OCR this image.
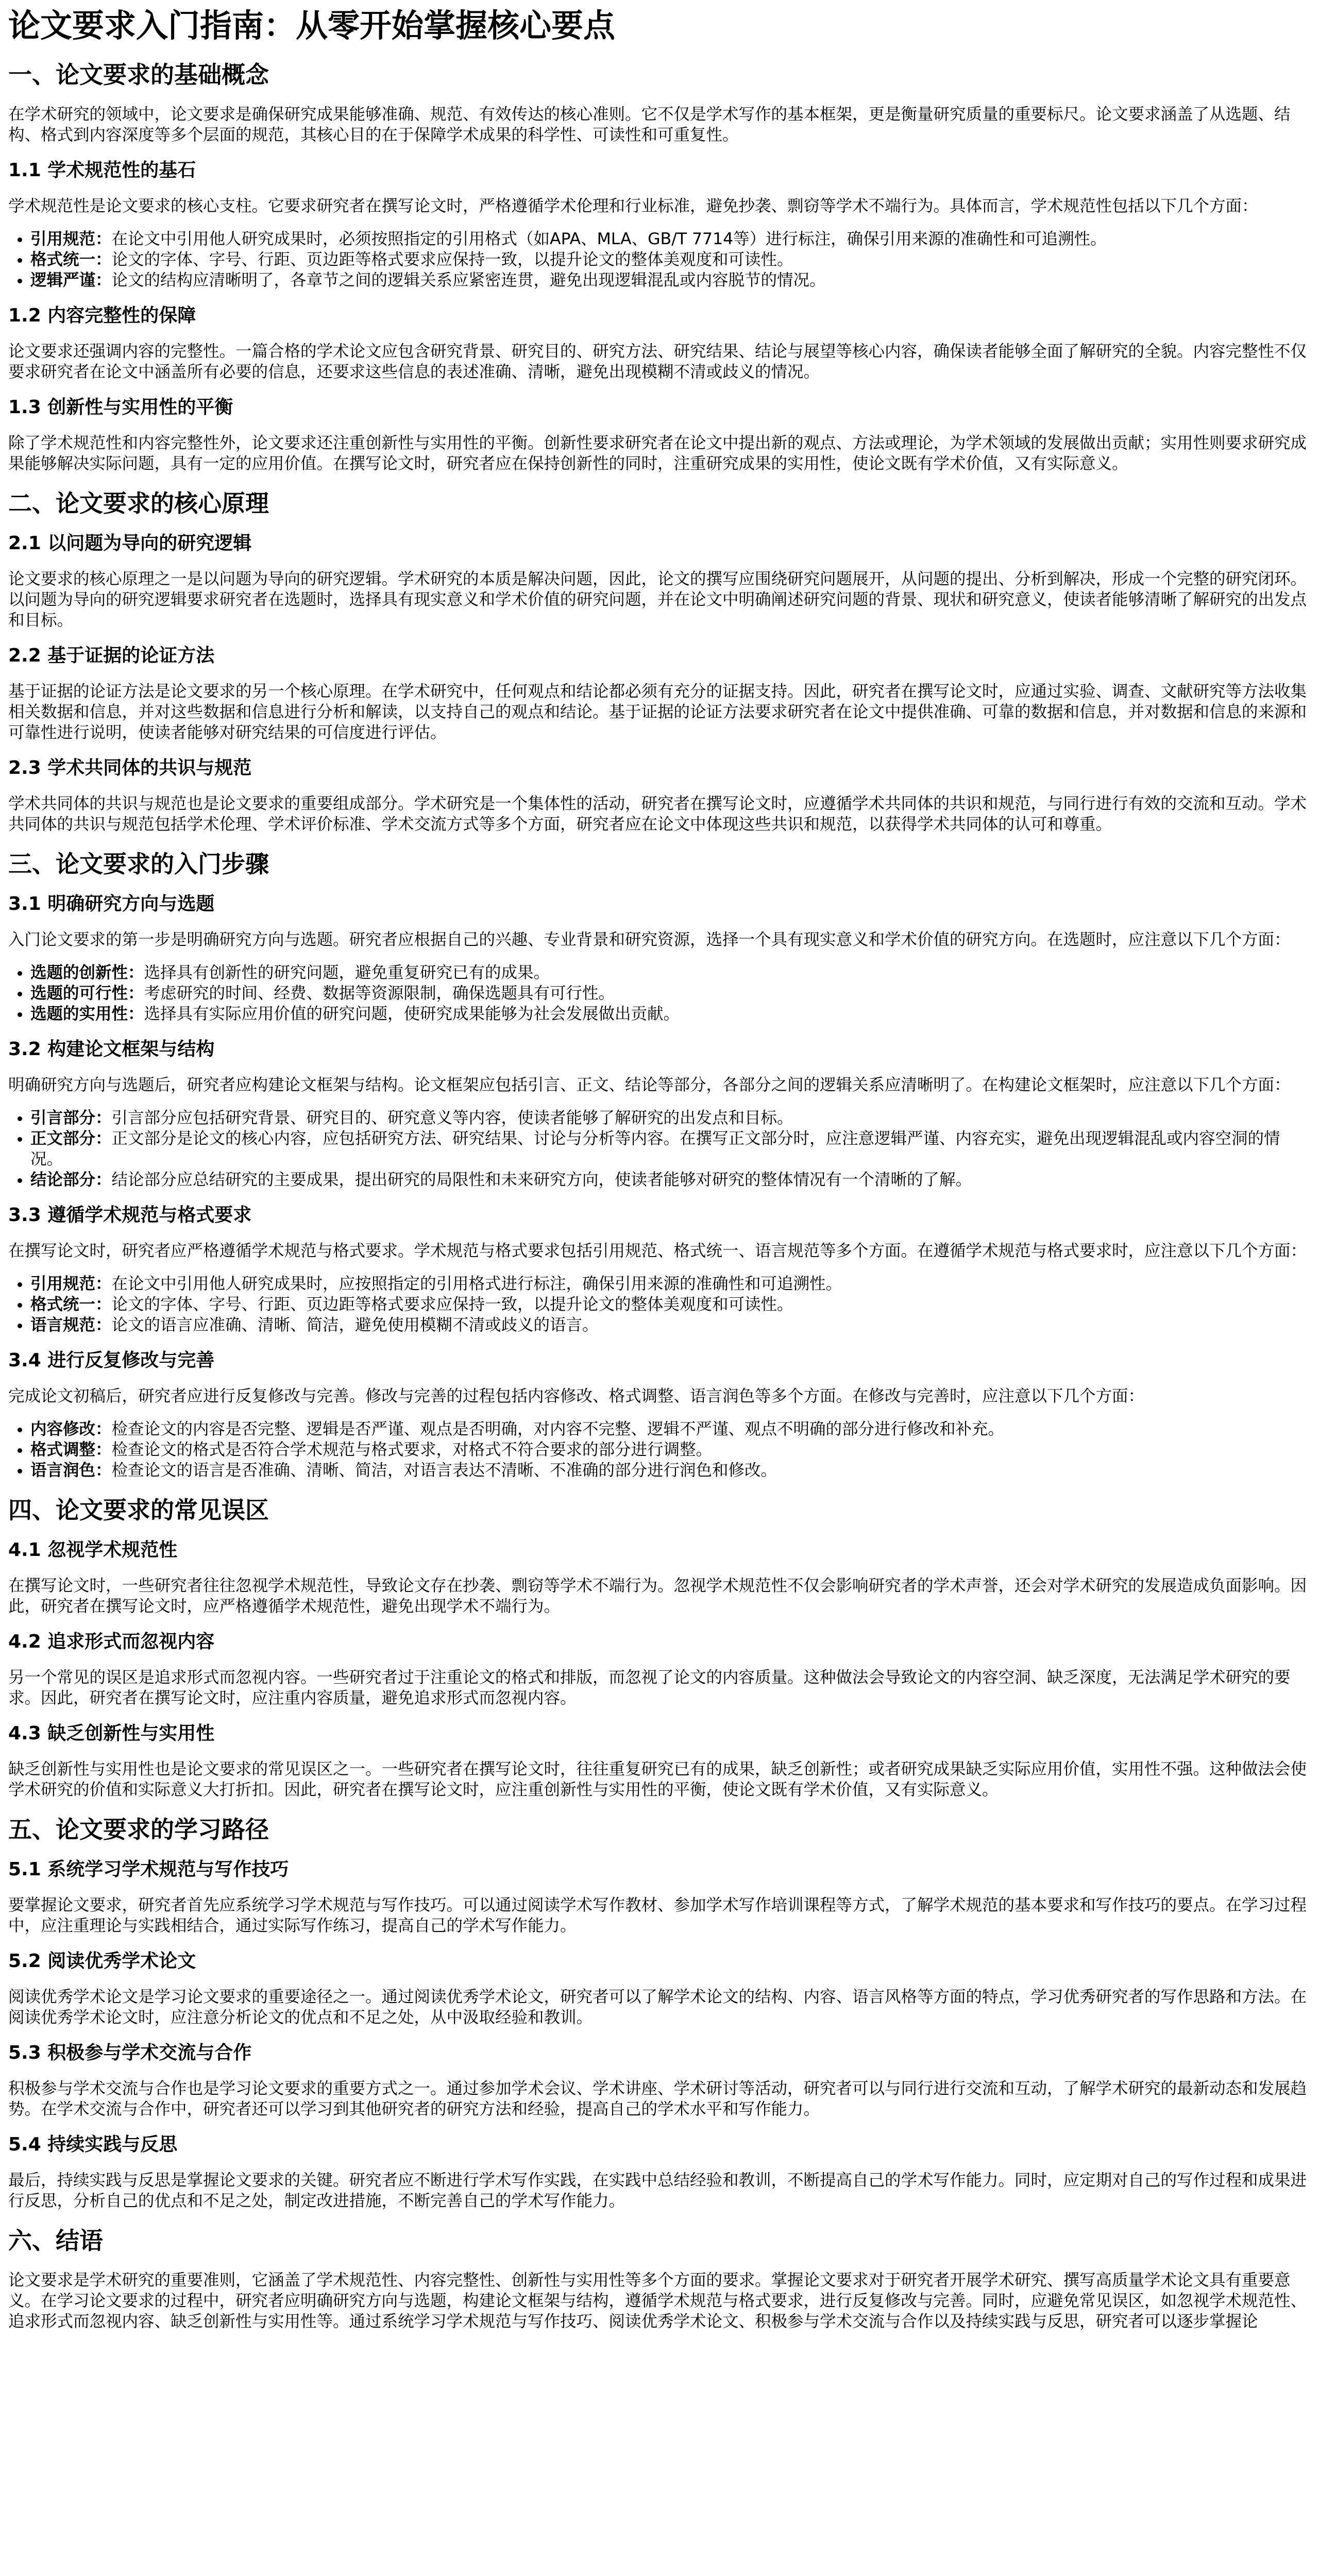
论文要求入门指南：从零开始掌握核心要点
一、论文要求的基础概念

在学术研究的领域中，论文要求是确保研究成果能够准确、规范、有效传达的核心准则。它不仅是学术写作的基本框架，更是衡量研究质量的重要标尺。论文要求涵盖了从选题、结构、格式到内容深度等多个层面的规范，其核心目的在于保障学术成果的科学性、可读性和可重复性。

1.1 学术规范性的基石

学术规范性是论文要求的核心支柱。它要求研究者在撰写论文时，严格遵循学术伦理和行业标准，避免抄袭、剽窃等学术不端行为。具体而言，学术规范性包括以下几个方面：

• 引用规范：在论文中引用他人研究成果时，必须按照指定的引用格式（如APA、MLA、GB/T 7714等）进行标注，确保引用来源的准确性和可追溯性。
• 格式统一：论文的字体、字号、行距、页边距等格式要求应保持一致，以提升论文的整体美观度和可读性。
• 逻辑严谨：论文的结构应清晰明了，各章节之间的逻辑关系应紧密连贯，避免出现逻辑混乱或内容脱节的情况。
1.2 内容完整性的保障

论文要求还强调内容的完整性。一篇合格的学术论文应包含研究背景、研究目的、研究方法、研究结果、结论与展望等核心内容，确保读者能够全面了解研究的全貌。内容完整性不仅要求研究者在论文中涵盖所有必要的信息，还要求这些信息的表述准确、清晰，避免出现模糊不清或歧义的情况。

1.3 创新性与实用性的平衡

除了学术规范性和内容完整性外，论文要求还注重创新性与实用性的平衡。创新性要求研究者在论文中提出新的观点、方法或理论，为学术领域的发展做出贡献；实用性则要求研究成果能够解决实际问题，具有一定的应用价值。在撰写论文时，研究者应在保持创新性的同时，注重研究成果的实用性，使论文既有学术价值，又有实际意义。

二、论文要求的核心原理
2.1 以问题为导向的研究逻辑

论文要求的核心原理之一是以问题为导向的研究逻辑。学术研究的本质是解决问题，因此，论文的撰写应围绕研究问题展开，从问题的提出、分析到解决，形成一个完整的研究闭环。以问题为导向的研究逻辑要求研究者在选题时，选择具有现实意义和学术价值的研究问题，并在论文中明确阐述研究问题的背景、现状和研究意义，使读者能够清晰了解研究的出发点和目标。

2.2 基于证据的论证方法

基于证据的论证方法是论文要求的另一个核心原理。在学术研究中，任何观点和结论都必须有充分的证据支持。因此，研究者在撰写论文时，应通过实验、调查、文献研究等方法收集相关数据和信息，并对这些数据和信息进行分析和解读，以支持自己的观点和结论。基于证据的论证方法要求研究者在论文中提供准确、可靠的数据和信息，并对数据和信息的来源和可靠性进行说明，使读者能够对研究结果的可信度进行评估。

2.3 学术共同体的共识与规范

学术共同体的共识与规范也是论文要求的重要组成部分。学术研究是一个集体性的活动，研究者在撰写论文时，应遵循学术共同体的共识和规范，与同行进行有效的交流和互动。学术共同体的共识与规范包括学术伦理、学术评价标准、学术交流方式等多个方面，研究者应在论文中体现这些共识和规范，以获得学术共同体的认可和尊重。

三、论文要求的入门步骤
3.1 明确研究方向与选题

入门论文要求的第一步是明确研究方向与选题。研究者应根据自己的兴趣、专业背景和研究资源，选择一个具有现实意义和学术价值的研究方向。在选题时，应注意以下几个方面：

• 选题的创新性：选择具有创新性的研究问题，避免重复研究已有的成果。
• 选题的可行性：考虑研究的时间、经费、数据等资源限制，确保选题具有可行性。
• 选题的实用性：选择具有实际应用价值的研究问题，使研究成果能够为社会发展做出贡献。
3.2 构建论文框架与结构

明确研究方向与选题后，研究者应构建论文框架与结构。论文框架应包括引言、正文、结论等部分，各部分之间的逻辑关系应清晰明了。在构建论文框架时，应注意以下几个方面：

• 引言部分：引言部分应包括研究背景、研究目的、研究意义等内容，使读者能够了解研究的出发点和目标。
• 正文部分：正文部分是论文的核心内容，应包括研究方法、研究结果、讨论与分析等内容。在撰写正文部分时，应注意逻辑严谨、内容充实，避免出现逻辑混乱或内容空洞的情况。
• 结论部分：结论部分应总结研究的主要成果，提出研究的局限性和未来研究方向，使读者能够对研究的整体情况有一个清晰的了解。
3.3 遵循学术规范与格式要求

在撰写论文时，研究者应严格遵循学术规范与格式要求。学术规范与格式要求包括引用规范、格式统一、语言规范等多个方面。在遵循学术规范与格式要求时，应注意以下几个方面：

• 引用规范：在论文中引用他人研究成果时，应按照指定的引用格式进行标注，确保引用来源的准确性和可追溯性。
• 格式统一：论文的字体、字号、行距、页边距等格式要求应保持一致，以提升论文的整体美观度和可读性。
• 语言规范：论文的语言应准确、清晰、简洁，避免使用模糊不清或歧义的语言。
3.4 进行反复修改与完善

完成论文初稿后，研究者应进行反复修改与完善。修改与完善的过程包括内容修改、格式调整、语言润色等多个方面。在修改与完善时，应注意以下几个方面：

• 内容修改：检查论文的内容是否完整、逻辑是否严谨、观点是否明确，对内容不完整、逻辑不严谨、观点不明确的部分进行修改和补充。
• 格式调整：检查论文的格式是否符合学术规范与格式要求，对格式不符合要求的部分进行调整。
• 语言润色：检查论文的语言是否准确、清晰、简洁，对语言表达不清晰、不准确的部分进行润色和修改。
四、论文要求的常见误区
4.1 忽视学术规范性

在撰写论文时，一些研究者往往忽视学术规范性，导致论文存在抄袭、剽窃等学术不端行为。忽视学术规范性不仅会影响研究者的学术声誉，还会对学术研究的发展造成负面影响。因此，研究者在撰写论文时，应严格遵循学术规范性，避免出现学术不端行为。

4.2 追求形式而忽视内容

另一个常见的误区是追求形式而忽视内容。一些研究者过于注重论文的格式和排版，而忽视了论文的内容质量。这种做法会导致论文的内容空洞、缺乏深度，无法满足学术研究的要求。因此，研究者在撰写论文时，应注重内容质量，避免追求形式而忽视内容。

4.3 缺乏创新性与实用性

缺乏创新性与实用性也是论文要求的常见误区之一。一些研究者在撰写论文时，往往重复研究已有的成果，缺乏创新性；或者研究成果缺乏实际应用价值，实用性不强。这种做法会使学术研究的价值和实际意义大打折扣。因此，研究者在撰写论文时，应注重创新性与实用性的平衡，使论文既有学术价值，又有实际意义。

五、论文要求的学习路径
5.1 系统学习学术规范与写作技巧

要掌握论文要求，研究者首先应系统学习学术规范与写作技巧。可以通过阅读学术写作教材、参加学术写作培训课程等方式，了解学术规范的基本要求和写作技巧的要点。在学习过程中，应注重理论与实践相结合，通过实际写作练习，提高自己的学术写作能力。

5.2 阅读优秀学术论文

阅读优秀学术论文是学习论文要求的重要途径之一。通过阅读优秀学术论文，研究者可以了解学术论文的结构、内容、语言风格等方面的特点，学习优秀研究者的写作思路和方法。在阅读优秀学术论文时，应注意分析论文的优点和不足之处，从中汲取经验和教训。

5.3 积极参与学术交流与合作

积极参与学术交流与合作也是学习论文要求的重要方式之一。通过参加学术会议、学术讲座、学术研讨等活动，研究者可以与同行进行交流和互动，了解学术研究的最新动态和发展趋势。在学术交流与合作中，研究者还可以学习到其他研究者的研究方法和经验，提高自己的学术水平和写作能力。

5.4 持续实践与反思

最后，持续实践与反思是掌握论文要求的关键。研究者应不断进行学术写作实践，在实践中总结经验和教训，不断提高自己的学术写作能力。同时，应定期对自己的写作过程和成果进行反思，分析自己的优点和不足之处，制定改进措施，不断完善自己的学术写作能力。

六、结语

论文要求是学术研究的重要准则，它涵盖了学术规范性、内容完整性、创新性与实用性等多个方面的要求。掌握论文要求对于研究者开展学术研究、撰写高质量学术论文具有重要意义。在学习论文要求的过程中，研究者应明确研究方向与选题，构建论文框架与结构，遵循学术规范与格式要求，进行反复修改与完善。同时，应避免常见误区，如忽视学术规范性、追求形式而忽视内容、缺乏创新性与实用性等。通过系统学习学术规范与写作技巧、阅读优秀学术论文、积极参与学术交流与合作以及持续实践与反思，研究者可以逐步掌握论
